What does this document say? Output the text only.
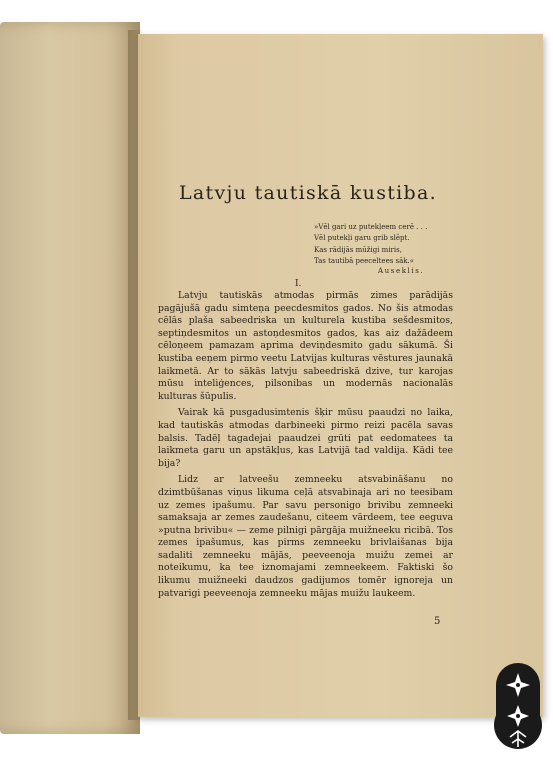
Latvju tautiskā kustiba.
»Vēl gari uz putekļeem cerē . . .
Vēl putekļi garu grib slēpt.
Kas rādijās mūžigi miris,
Tas tautibā peeceltees sāk.«
Auseklis.
I.

Latvju tautiskās atmodas pirmās zimes parādijās pagājušā gadu simteņa peecdesmitos gados. No šis atmodas cēlās plaša sabeedriska un kulturela kustiba sešdesmitos, septiņdesmitos un astoņdesmitos gados, kas aiz dažādeem cēloņeem pamazam aprima deviņdesmito gadu sākumā. Ši kustiba eeņem pirmo veetu Latvijas kulturas vēstures jaunakā laikmetā. Ar to sākās latvju sabeedriskā dzive, tur karojas mūsu inteliģences, pilsonibas un modernās nacionalās kulturas šūpulis.

Vairak kā pusgadusimtenis šķir mūsu paaudzi no laika, kad tautiskās atmodas darbineeki pirmo reizi pacēla savas balsis. Tadēļ tagadejai paaudzei grūti pat eedomatees ta laikmeta garu un apstākļus, kas Latvijā tad valdija. Kādi tee bija?

Lidz ar latveešu zemneeku atsvabināšanu no dzimtbūšanas viņus likuma ceļā atsvabinaja ari no teesibam uz zemes ipašumu. Par savu personigo brivibu zemneeki samaksaja ar zemes zaudešanu, citeem vārdeem, tee eeguva »putna brivibu« — zeme pilnigi pārgāja muižneeku ricibā. Tos zemes ipašumus, kas pirms zemneeku brivlaišanas bija sadaliti zemneeku mājās, peeveenoja muižu zemei ar noteikumu, ka tee iznomajami zemneekeem. Faktiski šo likumu muižneeki daudzos gadijumos tomēr ignoreja un patvarigi peeveenoja zemneeku mājas muižu laukeem.

5
